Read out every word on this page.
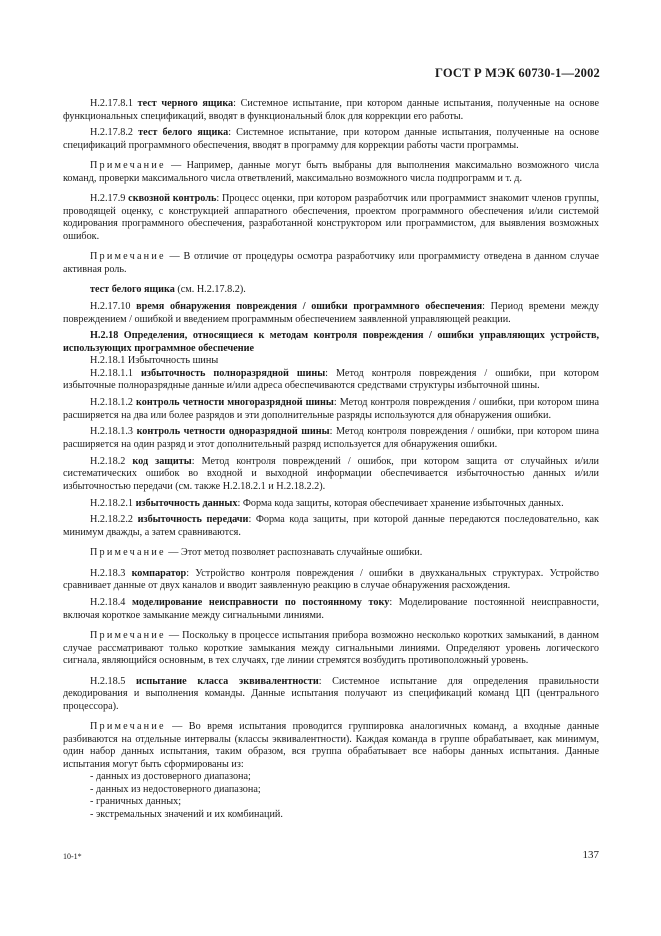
ГОСТ Р МЭК 60730-1—2002

Н.2.17.8.1 тест черного ящика: Системное испытание, при котором данные испытания, полученные на основе функциональных спецификаций, вводят в функциональный блок для коррекции его работы.

Н.2.17.8.2 тест белого ящика: Системное испытание, при котором данные испытания, полученные на основе спецификаций программного обеспечения, вводят в программу для коррекции работы части программы.

Примечание — Например, данные могут быть выбраны для выполнения максимально возможного числа команд, проверки максимального числа ответвлений, максимально возможного числа подпрограмм и т. д.

Н.2.17.9 сквозной контроль: Процесс оценки, при котором разработчик или программист знакомит членов группы, проводящей оценку, с конструкцией аппаратного обеспечения, проектом программного обеспечения и/или системой кодирования программного обеспечения, разработанной конструктором или программистом, для выявления возможных ошибок.

Примечание — В отличие от процедуры осмотра разработчику или программисту отведена в данном случае активная роль.

тест белого ящика (см. Н.2.17.8.2).

Н.2.17.10 время обнаружения повреждения / ошибки программного обеспечения: Период времени между повреждением / ошибкой и введением программным обеспечением заявленной управляющей реакции.

Н.2.18 Определения, относящиеся к методам контроля повреждения / ошибки управляющих устройств, использующих программное обеспечение

Н.2.18.1 Избыточность шины

Н.2.18.1.1 избыточность полноразрядной шины: Метод контроля повреждения / ошибки, при котором избыточные полноразрядные данные и/или адреса обеспечиваются средствами структуры избыточной шины.

Н.2.18.1.2 контроль четности многоразрядной шины: Метод контроля повреждения / ошибки, при котором шина расширяется на два или более разрядов и эти дополнительные разряды используются для обнаружения ошибки.

Н.2.18.1.3 контроль четности одноразрядной шины: Метод контроля повреждения / ошибки, при котором шина расширяется на один разряд и этот дополнительный разряд используется для обнаружения ошибки.

Н.2.18.2 код защиты: Метод контроля повреждений / ошибок, при котором защита от случайных и/или систематических ошибок во входной и выходной информации обеспечивается избыточностью данных и/или избыточностью передачи (см. также Н.2.18.2.1 и Н.2.18.2.2).

Н.2.18.2.1 избыточность данных: Форма кода защиты, которая обеспечивает хранение избыточных данных.

Н.2.18.2.2 избыточность передачи: Форма кода защиты, при которой данные передаются последовательно, как минимум дважды, а затем сравниваются.

Примечание — Этот метод позволяет распознавать случайные ошибки.

Н.2.18.3 компаратор: Устройство контроля повреждения / ошибки в двухканальных структурах. Устройство сравнивает данные от двух каналов и вводит заявленную реакцию в случае обнаружения расхождения.

Н.2.18.4 моделирование неисправности по постоянному току: Моделирование постоянной неисправности, включая короткое замыкание между сигнальными линиями.

Примечание — Поскольку в процессе испытания прибора возможно несколько коротких замыканий, в данном случае рассматривают только короткие замыкания между сигнальными линиями. Определяют уровень логического сигнала, являющийся основным, в тех случаях, где линии стремятся возбудить противоположный уровень.

Н.2.18.5 испытание класса эквивалентности: Системное испытание для определения правильности декодирования и выполнения команды. Данные испытания получают из спецификаций команд ЦП (центрального процессора).

Примечание — Во время испытания проводится группировка аналогичных команд, а входные данные разбиваются на отдельные интервалы (классы эквивалентности). Каждая команда в группе обрабатывает, как минимум, один набор данных испытания, таким образом, вся группа обрабатывает все наборы данных испытания. Данные испытания могут быть сформированы из:

- данных из достоверного диапазона;
- данных из недостоверного диапазона;
- граничных данных;
- экстремальных значений и их комбинаций.
10-1*	137
